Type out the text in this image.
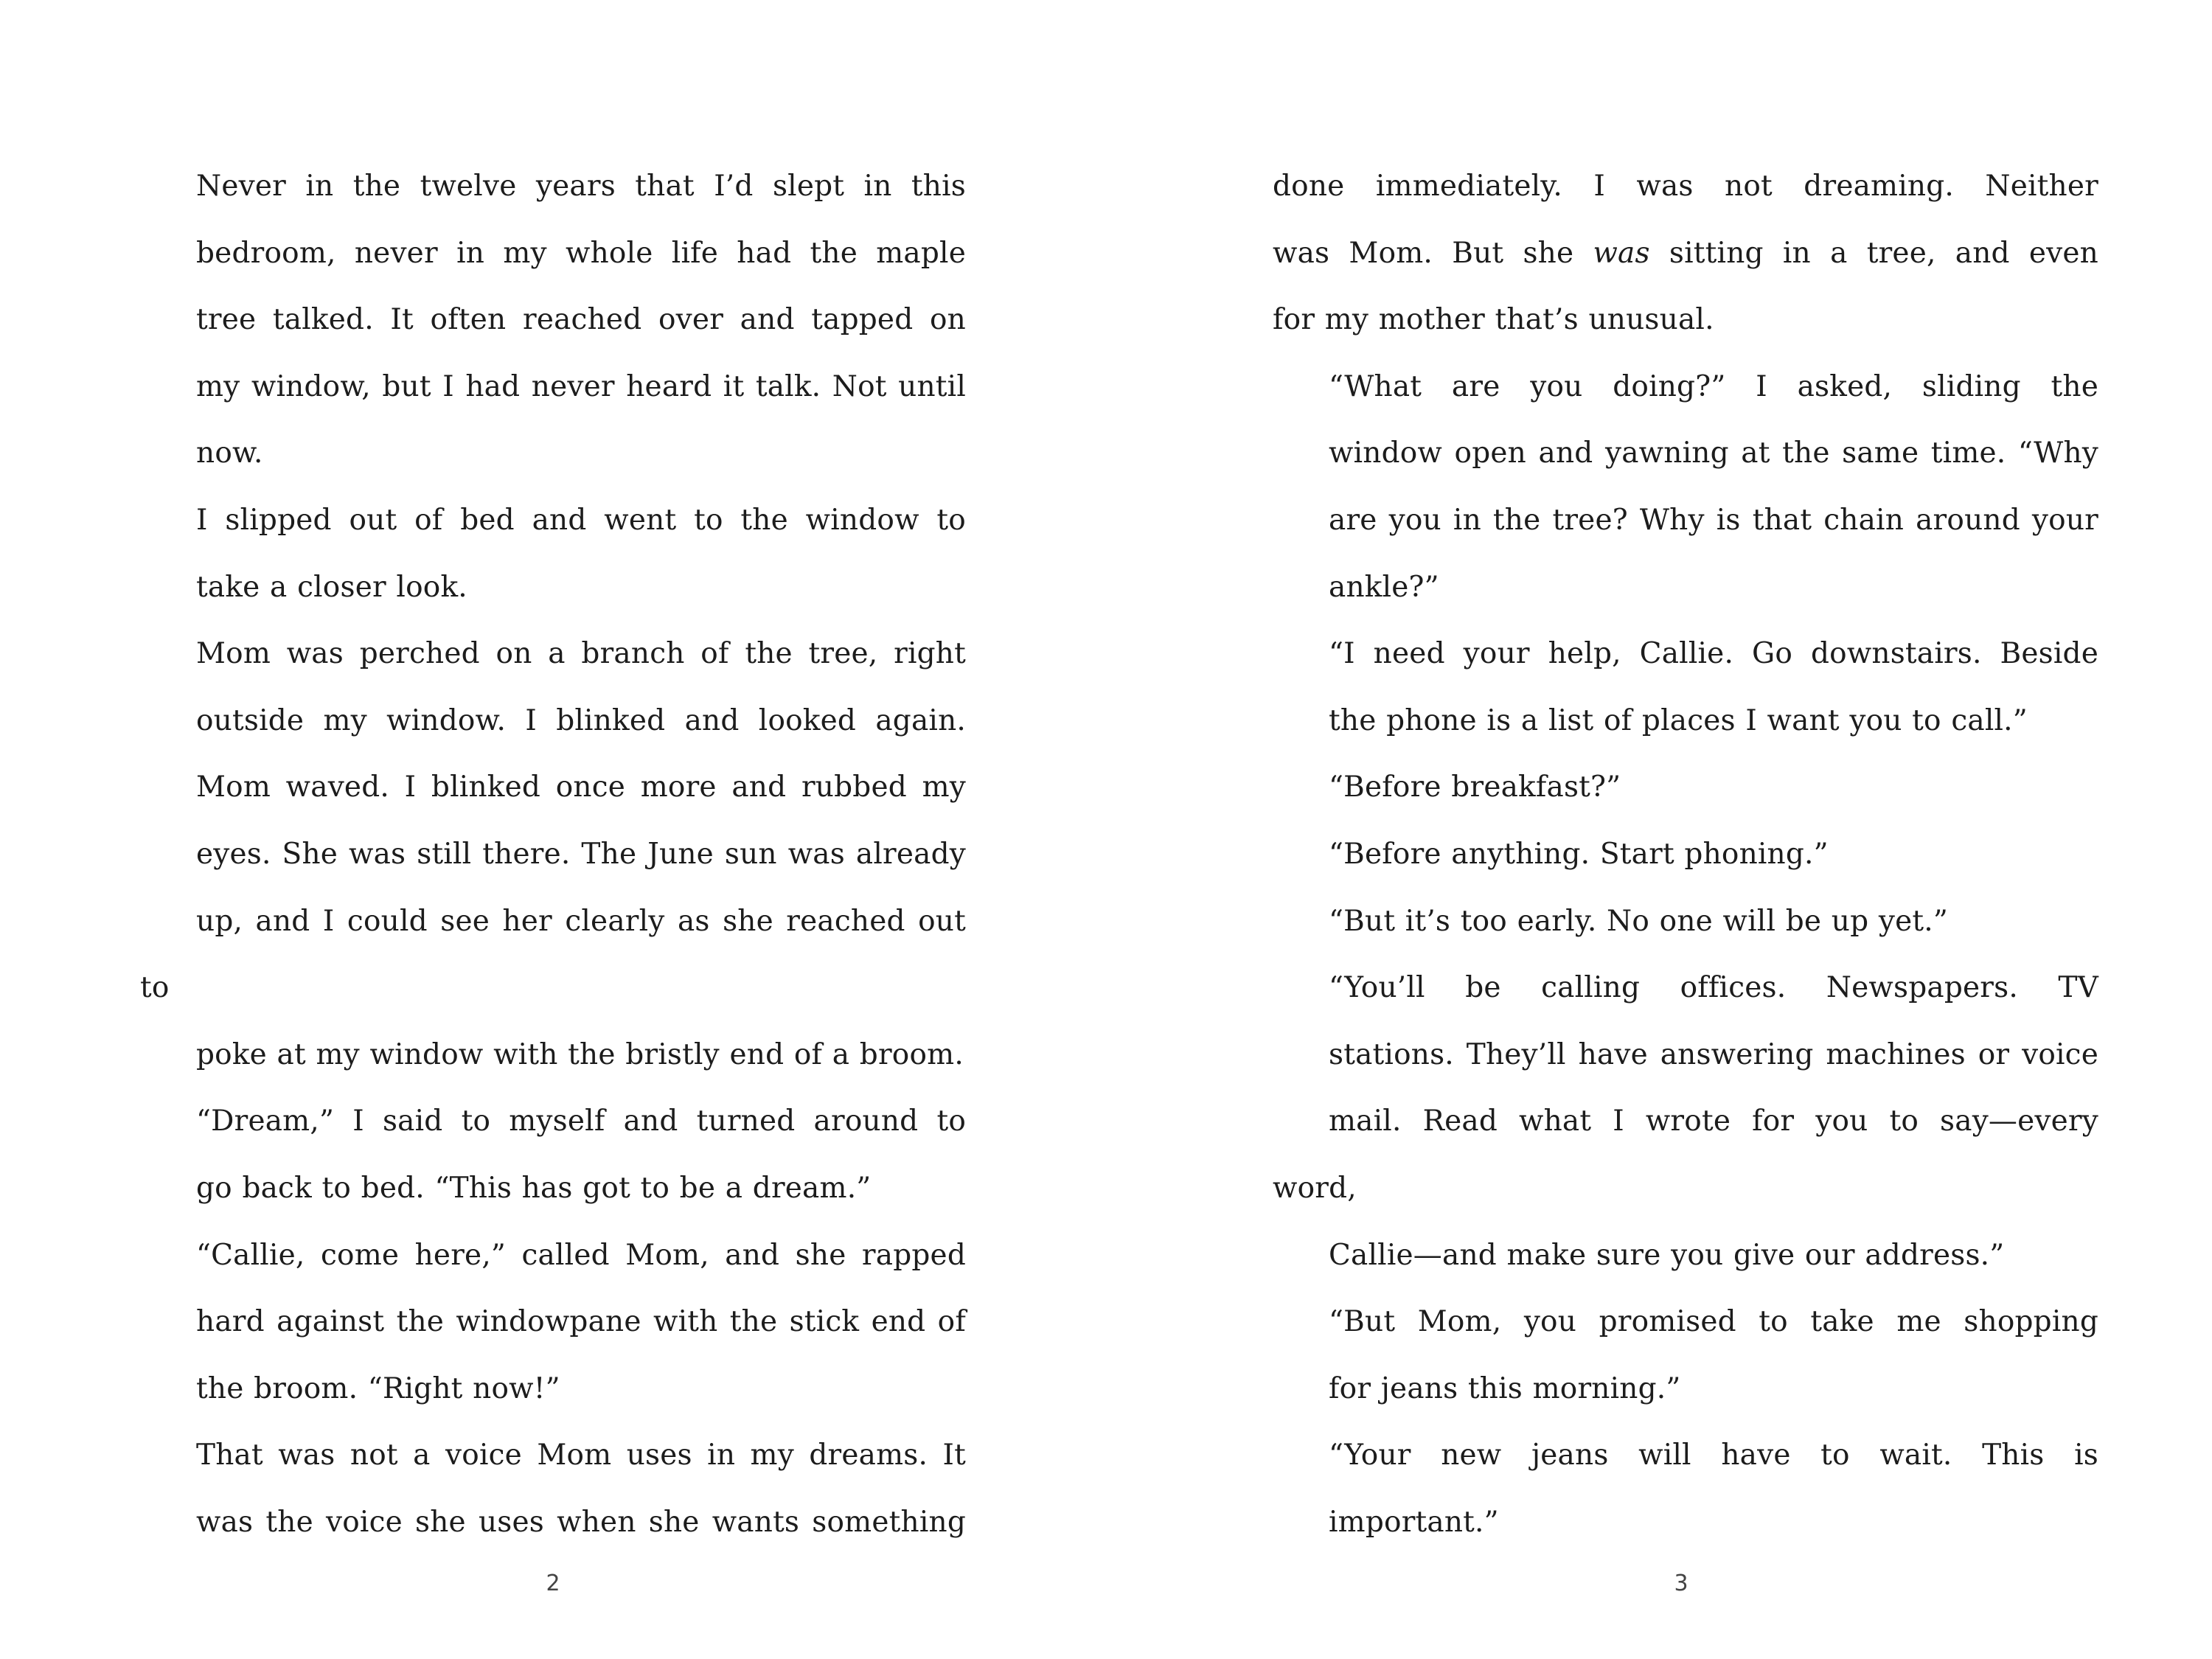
Never in the twelve years that I’d slept in this
bedroom, never in my whole life had the maple
tree talked. It often reached over and tapped on
my window, but I had never heard it talk. Not until
now.

I slipped out of bed and went to the window to
take a closer look.

Mom was perched on a branch of the tree, right
outside my window. I blinked and looked again.
Mom waved. I blinked once more and rubbed my
eyes. She was still there. The June sun was already
up, and I could see her clearly as she reached out to
poke at my window with the bristly end of a broom.

“Dream,” I said to myself and turned around to
go back to bed. “This has got to be a dream.”

“Callie, come here,” called Mom, and she rapped
hard against the windowpane with the stick end of
the broom. “Right now!”

That was not a voice Mom uses in my dreams. It
was the voice she uses when she wants something

2

done immediately. I was not dreaming. Neither
was Mom. But she was sitting in a tree, and even
for my mother that’s unusual.

“What are you doing?” I asked, sliding the
window open and yawning at the same time. “Why
are you in the tree? Why is that chain around your
ankle?”

“I need your help, Callie. Go downstairs. Beside
the phone is a list of places I want you to call.”

“Before breakfast?”

“Before anything. Start phoning.”

“But it’s too early. No one will be up yet.”

“You’ll be calling offices. Newspapers. TV
stations. They’ll have answering machines or voice
mail. Read what I wrote for you to say—every word,
Callie—and make sure you give our address.”

“But Mom, you promised to take me shopping
for jeans this morning.”

“Your new jeans will have to wait. This is
important.”

3
